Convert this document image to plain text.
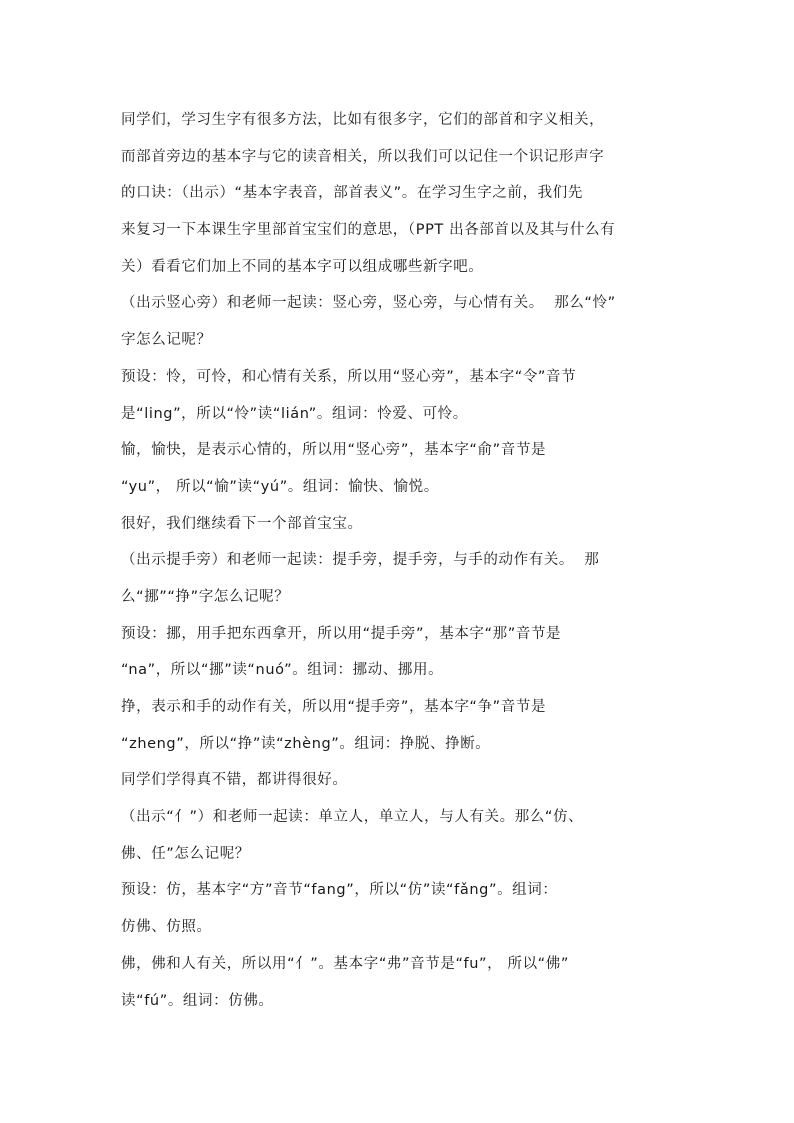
同学们，学习生字有很多方法，比如有很多字，它们的部首和字义相关，
而部首旁边的基本字与它的读音相关，所以我们可以记住一个识记形声字
的口诀：（出示）“基本字表音，部首表义”。在学习生字之前，我们先
来复习一下本课生字里部首宝宝们的意思，（PPT 出各部首以及其与什么有
关）看看它们加上不同的基本字可以组成哪些新字吧。
（出示竖心旁）和老师一起读：竖心旁，竖心旁，与心情有关。  那么“怜”
字怎么记呢？
预设：怜，可怜，和心情有关系，所以用“竖心旁”，基本字“令”音节
是“ling”，所以“怜”读“lián”。组词：怜爱、可怜。
愉，愉快，是表示心情的，所以用“竖心旁”，基本字“俞”音节是
“yu”， 所以“愉”读“yú”。组词：愉快、愉悦。
很好，我们继续看下一个部首宝宝。
（出示提手旁）和老师一起读：提手旁，提手旁，与手的动作有关。  那
么“挪”“挣”字怎么记呢？
预设：挪，用手把东西拿开，所以用“提手旁”，基本字“那”音节是
“na”，所以“挪”读“nuó”。组词：挪动、挪用。
挣，表示和手的动作有关，所以用“提手旁”，基本字“争”音节是
“zheng”，所以“挣”读“zhèng”。组词：挣脱、挣断。
同学们学得真不错，都讲得很好。
（出示“亻”）和老师一起读：单立人，单立人，与人有关。那么“仿、
佛、任”怎么记呢？
预设：仿，基本字“方”音节“fang”，所以“仿”读“fǎng”。组词：
仿佛、仿照。
佛，佛和人有关，所以用“亻”。基本字“弗”音节是“fu”， 所以“佛”
读“fú”。组词：仿佛。
